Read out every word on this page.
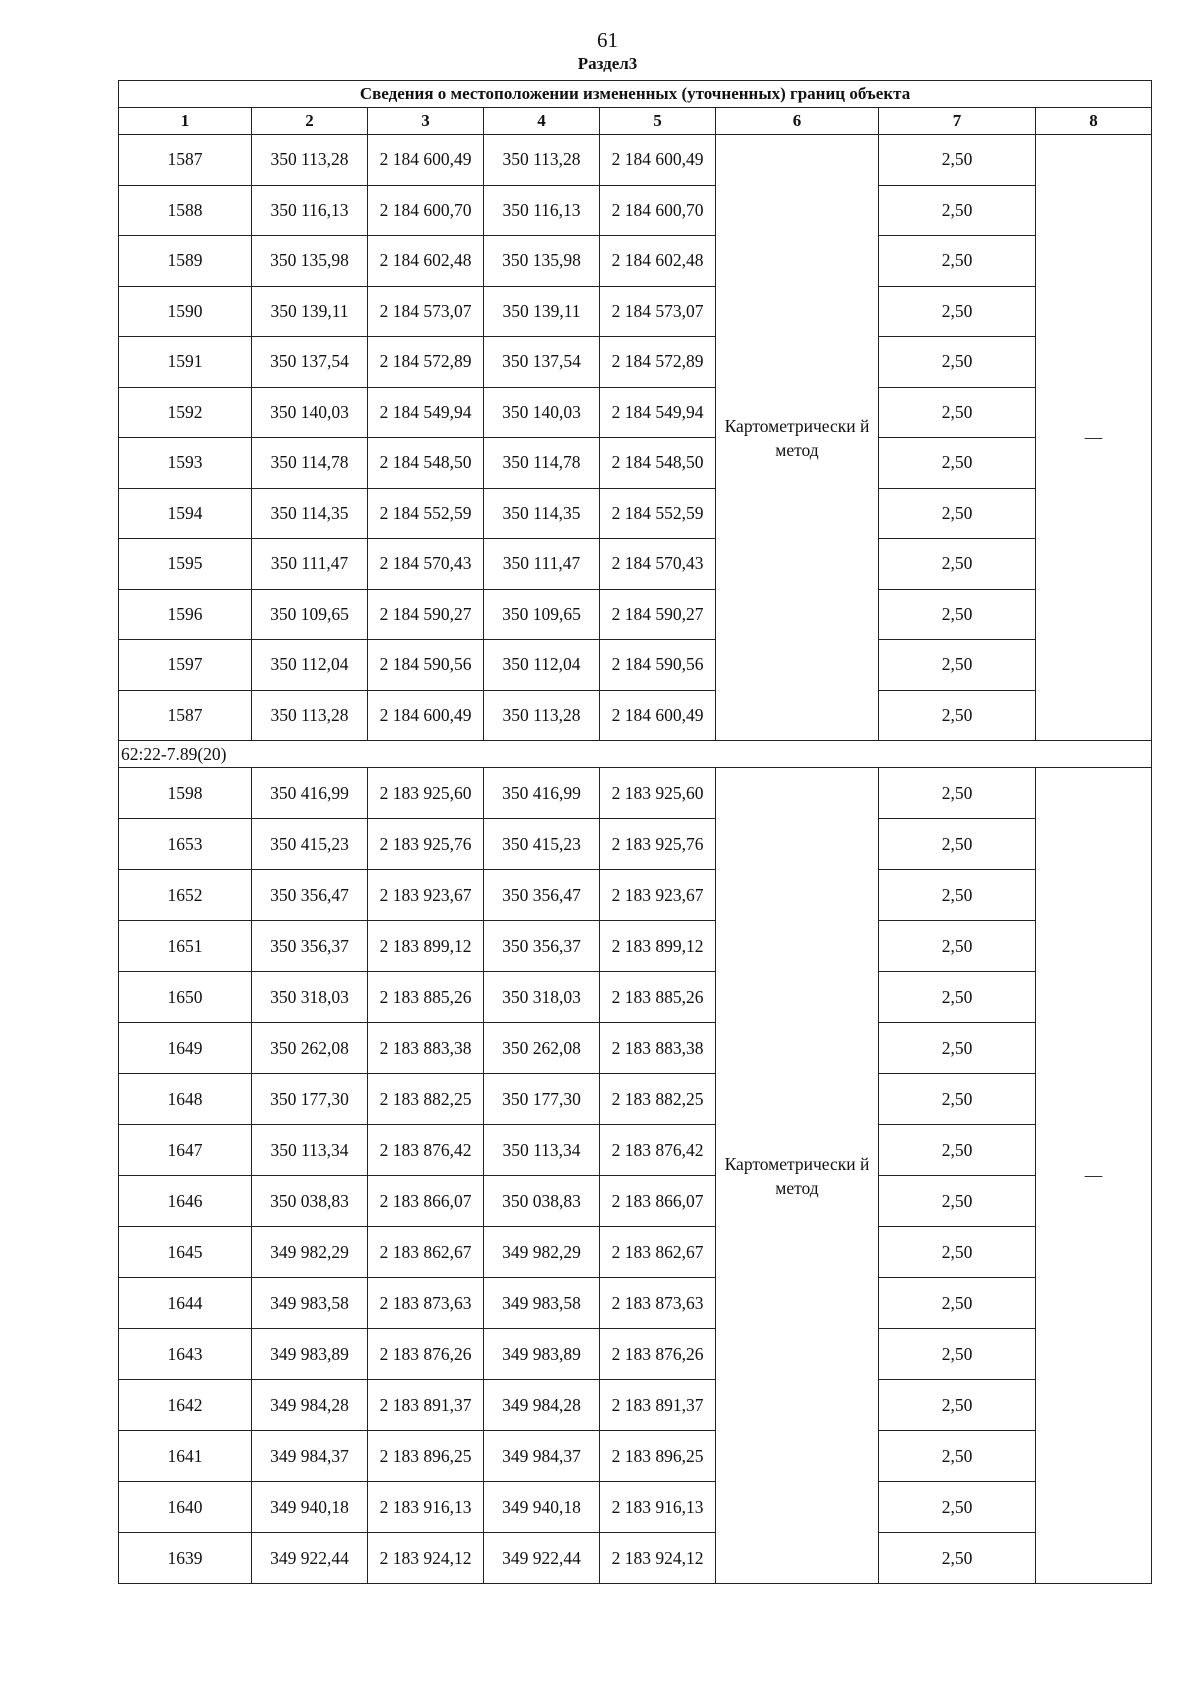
61
Раздел3
Сведения о местоположении измененных (уточненных) границ объекта							
1	2	3	4	5	6	7	8
1587	350 113,28	2 184 600,49	350 113,28	2 184 600,49	Картометрически й метод	2,50	—
1588	350 116,13	2 184 600,70	350 116,13	2 184 600,70		2,50	
1589	350 135,98	2 184 602,48	350 135,98	2 184 602,48		2,50	
1590	350 139,11	2 184 573,07	350 139,11	2 184 573,07		2,50	
1591	350 137,54	2 184 572,89	350 137,54	2 184 572,89		2,50	
1592	350 140,03	2 184 549,94	350 140,03	2 184 549,94		2,50	
1593	350 114,78	2 184 548,50	350 114,78	2 184 548,50		2,50	
1594	350 114,35	2 184 552,59	350 114,35	2 184 552,59		2,50	
1595	350 111,47	2 184 570,43	350 111,47	2 184 570,43		2,50	
1596	350 109,65	2 184 590,27	350 109,65	2 184 590,27		2,50	
1597	350 112,04	2 184 590,56	350 112,04	2 184 590,56		2,50	
1587	350 113,28	2 184 600,49	350 113,28	2 184 600,49		2,50	
62:22-7.89(20)							
1598	350 416,99	2 183 925,60	350 416,99	2 183 925,60	Картометрически й метод	2,50	—
1653	350 415,23	2 183 925,76	350 415,23	2 183 925,76		2,50	
1652	350 356,47	2 183 923,67	350 356,47	2 183 923,67		2,50	
1651	350 356,37	2 183 899,12	350 356,37	2 183 899,12		2,50	
1650	350 318,03	2 183 885,26	350 318,03	2 183 885,26		2,50	
1649	350 262,08	2 183 883,38	350 262,08	2 183 883,38		2,50	
1648	350 177,30	2 183 882,25	350 177,30	2 183 882,25		2,50	
1647	350 113,34	2 183 876,42	350 113,34	2 183 876,42		2,50	
1646	350 038,83	2 183 866,07	350 038,83	2 183 866,07		2,50	
1645	349 982,29	2 183 862,67	349 982,29	2 183 862,67		2,50	
1644	349 983,58	2 183 873,63	349 983,58	2 183 873,63		2,50	
1643	349 983,89	2 183 876,26	349 983,89	2 183 876,26		2,50	
1642	349 984,28	2 183 891,37	349 984,28	2 183 891,37		2,50	
1641	349 984,37	2 183 896,25	349 984,37	2 183 896,25		2,50	
1640	349 940,18	2 183 916,13	349 940,18	2 183 916,13		2,50	
1639	349 922,44	2 183 924,12	349 922,44	2 183 924,12		2,50	
